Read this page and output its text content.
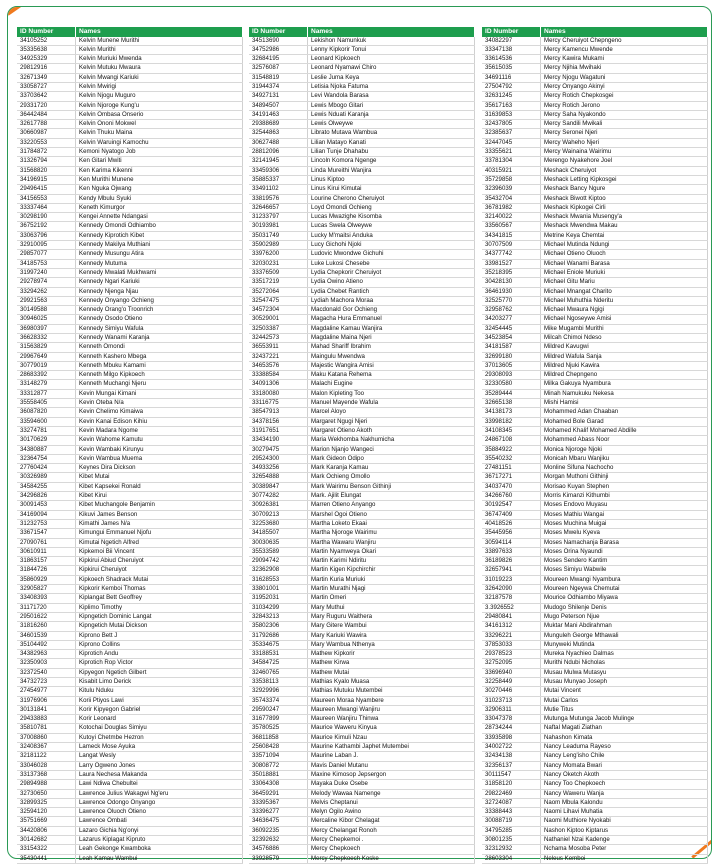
ID Number	Names
34105252	Kelvin Munene Murithi
35335638	Kelvin Murithi
34925329	Kelvin Muriuki Mwenda
29812916	Kelvin Mutuku Mwaura
32671349	Kelvin Mwangi Kariuki
33058727	Kelvin Mwirigi
33703642	Kelvin Njogu Muguro
29331720	Kelvin Njoroge Kung'u
36442484	Kelvin Ombasa Onserio
32617788	Kelvin Ononi Mokwel
30660987	Kelvin Thuku Maina
33220553	Kelvin Waruingi Kamochu
31784872	Kemoni Nyatogo Job
31326794	Ken Gitari Mwiti
31568820	Ken Karima Kikenni
34196915	Ken Murithi Munene
29496415	Ken Nguka Ojwang
34156553	Kendy Mbulu Syuki
33337464	Keneth Kimurgor
30298190	Kengei Annette Ndangasi
36752192	Kennedy Omondi Odhiambo
33063796	Kennedy Kiprotich Kibet
32910095	Kennedy Makilya Muthiani
29857077	Kennedy Musungu Atira
34185753	Kennedy Mutuma
31997240	Kennedy Mwalati Mukhwami
29278974	Kennedy Ngari Kariuki
33294262	Kennedy Njenga Njau
29921563	Kennedy Onyango Ochieng
30149588	Kennedy Orang'o Troonrich
30946025	Kennedy Osodo Otieno
36980397	Kennedy Simiyu Wafula
36628332	Kennedy Wanami Karanja
31563829	Kenneth Omondi
29967649	Kenneth Kashero Mbega
30779019	Kenneth Mbuku Kamami
28683392	Kenneth Milgo Kipkoech
33148279	Kenneth Muchangi Njeru
33312877	Kevin Mungai Kimani
35558405	Kevin Oteba N/a
36087820	Kevin Chelimo Kimaiwa
33594600	Kevin Kanai Edison Kihiu
33274781	Kevin Madara Ngome
30170629	Kevin Wahome Kamutu
34380887	Kevin Wambaki Kirunyu
32364754	Kevin Wambua Muema
27760424	Keynes Dira Dickson
30326989	Kibet Mutai
34584255	Kibet Kapsekei Ronald
34296826	Kibet Kirui
30091453	Kibet Muchangole Benjamin
34169094	Kikuvi James Benson
31232753	Kimathi James N/a
33671547	Kimungui Emmanuel Njofu
27090761	Kimutai Ngetich Alfred
30610911	Kipkemoi Bii Vincent
31863157	Kipkirui Abiud Cheruiyot
31844726	Kipkirui Cheruiyot
35860929	Kipkoech Shadrack Mutai
32905827	Kipkorir Kemboi Thomas
33408393	Kiplangat Bett Geoffrey
31171720	Kiplimo Timothy
29501622	Kipngetich Dominic Langat
31816260	Kipngetich Mutai Dickson
34601539	Kiprono Bett J
35104492	Kiprono Collins
34382963	Kiprotich Andu
32350903	Kiprotich Rop Victor
32372540	Kipyegon Ngetich Gilbert
34732723	Kisabit Limo Derick
27454977	Kitulu Nduku
31976906	Korii Ptiyos Lawi
30131841	Korir Kipyegon Gabriel
29433883	Korir Leonard
35810781	Kotochai Douglas Simiyu
37008860	Kutoyi Chetmbe Hezron
32408367	Lameck Mose Ayuka
32181122	Langat Wesly
33046028	Larry Ogweno Jones
33137368	Laura Nechesa Makanda
29894988	Lawi Ndiwa Chebultei
32730650	Lawrence Julius Wakagwi Ng'eru
32899325	Lawrence Odongo Onyango
32594120	Lawrence Oluoch Otieno
35751669	Lawrence Ombati
34420806	Lazaro Gichia Ng'onyi
30142682	Lazarus Kiplagat Kipruto
33154322	Leah Gekonge Kwamboka
35430441	Leah Kamau Wambui
ID Number	Names
34513690	Lekishon Namunkuk
34752986	Lenny Kipkorir Tonui
32684195	Leonard Kipkoech
32576087	Leonard Nyamawi Chiro
31548819	Leslie Juma Keya
31944374	Letisia Njoka Fatuma
34927131	Levi Wandola Barasa
34894507	Lewis Mbogo Gitari
34191463	Lewis Nduati Karanja
29388689	Lewis Olweywe
32544863	Librato Mutava Wambua
30627488	Lilian Matayo Kanati
28812096	Lilian Tunje Dhahabu
32141945	Lincoln Komora Ngenge
33459306	Linda Mureithi Wanjira
35885337	Linus Kiptoo
33491102	Linus Kirui Kimutai
33819576	Lourine Cherono Cheruiyot
32646657	Loyd Omondi Ochieng
31233797	Lucas Mwazighe Kisomba
30193981	Lucas Swela Olweywe
35031749	Lucky M'maitsi Anduka
35902989	Lucy Gichohi Njoki
33976200	Ludovic Mwondwe Gichuhi
32030231	Luke Lukosi Chesebe
33376509	Lydia Chepkorir Cheruiyot
33517219	Lydia Owino Atieno
35272064	Lydia Chebet Rantich
32547475	Lydiah Machora Moraa
34572304	Macdonald Gor Ochieng
30529001	Magacha Hura Emmanuel
32503387	Magdaline Kamau Wanjira
32442573	Magdaline Maina Njeri
36553911	Mahad Shariff Ibrahim
32437221	Maingulu Mwendwa
34653576	Majestic Wangira Amisi
33388584	Maku Katana Rehema
34091306	Malachi Eugine
33180080	Malon Kipleting Too
33116775	Manuel Mayende Wafula
38547913	Marcel Aloyo
34378156	Margaret Ngugi Njeri
31917651	Margaret Otieno Akoth
33434190	Maria Wekhomba Nakhumicha
30279475	Marion Njanjo Wangeci
29524300	Mark Gideon Odipo
34933256	Mark Karanja Kamau
32654888	Mark Ochieng Omollo
30389847	Mark Wairimu Benson Githinji
30774282	Mark. Ajilit Elungat
30926381	Marren Otieno Anyango
30709213	Marshel Ogoi Otieno
32253680	Martha Loketo Ekaai
34185507	Martha Njoroge Wairimu
30030635	Martha Wawaru Wanjiru
35533589	Martin Nyamweya Okari
29094742	Martin Karimi Ndiritu
32362908	Martin Kigen Kipchirchir
31628553	Martin Kuria Muriuki
33801001	Martin Murathi Njagi
31952031	Martin Omeri
31034299	Mary Muthui
32843213	Mary Ruguru Waithera
35802306	Mary Gitere Wambui
31792686	Mary Kariuki Wawira
35334675	Mary Wambua Nthenya
33188531	Mathew Kipkorir
34584725	Mathew Kirwa
32460765	Mathew Mutai
33538113	Mathias Kyalo Muasa
32929996	Mathias Mutuku Mutembei
35743374	Maureen Moraa Nyambere
29590247	Maureen Mwangi Wanjiru
31677899	Maureen Wanjiru Thinwa
35780525	Maurice Waweru Kinyua
36811858	Maurice Kimuli Nzau
25608428	Maurine Kathambi Japhet Mutembei
33571094	Maurine Laban J.
30808772	Mavis Daniel Mutanu
35018881	Maxine Kimosop Jepsergon
33064308	Mayaka Duke Osebe
36459291	Melody Wawaa Namenge
33395367	Melvis Cheptanui
33396277	Melyn Ogilo Awino
34636475	Mercaline Kibor Chelagat
36092235	Mercy Chelangat Ronoh
32392632	Mercy Chepkemoi .
34576886	Mercy Chepkoech
33928579	Mercy Chepkoech Koske
ID Number	Names
34082297	Mercy Cheruiyot Chepngeno
33347138	Mercy Kamencu Mwende
33614536	Mercy Kawira Mukami
35615035	Mercy Njihia Mwihaki
34691116	Mercy Njogu Wagatuni
27504792	Mercy Onyango Akinyi
32631245	Mercy Rotich Chepkosgei
35617163	Mercy Rotich Jerono
31639853	Mercy Saha Nyakondo
32437805	Mercy Sandili Mwikali
32385637	Mercy Seronei Njeri
32447045	Mercy Waheho Njeri
33355621	Mercy Wainaina Wairimu
33781304	Merengo Nyakehore Joel
40315921	Meshack Cheruiyot
35729858	Meshack Letting Kipkosgei
32396039	Meshack Bancy Ngure
35432704	Meshack Biwott Kiptoo
36781982	Meshack Kipkogei Cirli
32140022	Meshack Mwania Musengy'a
33560567	Meshack Mwendwa Makau
34341815	Metrine Keya Chemtai
30707509	Michael Mutinda Ndungi
34377742	Michael Otieno Oluoch
33981527	Michael Wanami Barasa
35218395	Michael Eniole Muriuki
30428130	Michael Gitu Mariu
36461930	Michael Mnangat Charito
32525770	Michael Muhuthia Nderitu
32958762	Michael Mwaura Ngigi
34203277	Michael Ngoseywe Amisi
32454445	Mike Mugambi Murithi
34523854	Milcah Chimoi Ndeso
34181587	Mildred Kavugwi
32699180	Mildred Wafula Sanja
37013605	Mildred Njuki Kawira
29308093	Mildred Chepngeno
32330580	Milka Gakuya Nyambura
35289444	Minah Namukuku Nekesa
32665138	Mishi Hamisi
34138173	Mohammed Adan Chaaban
33998182	Mohamed Bole Garad
34108345	Mohamed Khalif Mohamed Abdille
24867108	Mohammed Abass Noor
35884922	Monica Njoroge Njoki
35540232	Monicah Mbaru Wanjiku
27481151	Monline Sifuna Nachocho
36717271	Morgan Muthoni Githinji
34037470	Morisao Kuyan Stephen
34266760	Morris Kimanzi Kithumbi
30192547	Moses Endovo Muyasu
36747409	Moses Mathiu Wangai
40418526	Moses Muchina Muigai
35445956	Moses Mwelu Kyeva
30594114	Moses Namachanja Barasa
33897633	Moses Orina Nyaundi
36189826	Moses Sendero Kantim
32657941	Moses Simiyu Wabwile
31019223	Moureen Mwangi Nyambura
32642090	Moureen Ngeywa Chemutai
32187578	Mourice Odhiambo Miyawa
3.3926552	Mudogo Shilenje Denis
29480841	Mugo Peterson Njue
34161312	Muktar Mani Abdirahman
33296221	Munguleh George Mthawali
37853033	Munyweki Mutinda
29378523	Mureka Nyachieo Dalmas
32752095	Murithi Ndubi Nicholas
33696940	Musau Mulwa Mutasyu
32258449	Musau Munyao Joseph
30270446	Mutai Vincent
31023713	Mutai Carlos
32906311	Mutie Titus
33047378	Mutunga Mutunga Jacob Mulinge
28734244	Naftal Magati Ziathan
33935898	Nahashon Kimata
34002722	Nancy Leaduma Rayeso
32434138	Nancy Leng'isho Chile
32356137	Nancy Momata Bwari
30111547	Nancy Oketch Akoth
31858120	Nancy Too Chepkoech
29822469	Nancy Waweru Wanja
32724087	Naom Mbula Kalondu
33388443	Naomi Lihavi Muhatia
30088719	Naomi Muthiore Nyokabi
34795285	Nashon Kiptoo Kiptarus
30801235	Nathaniel Nzai Kadenge
32312932	Nchama Mosoba Peter
28603304	Neleus Kemboi
